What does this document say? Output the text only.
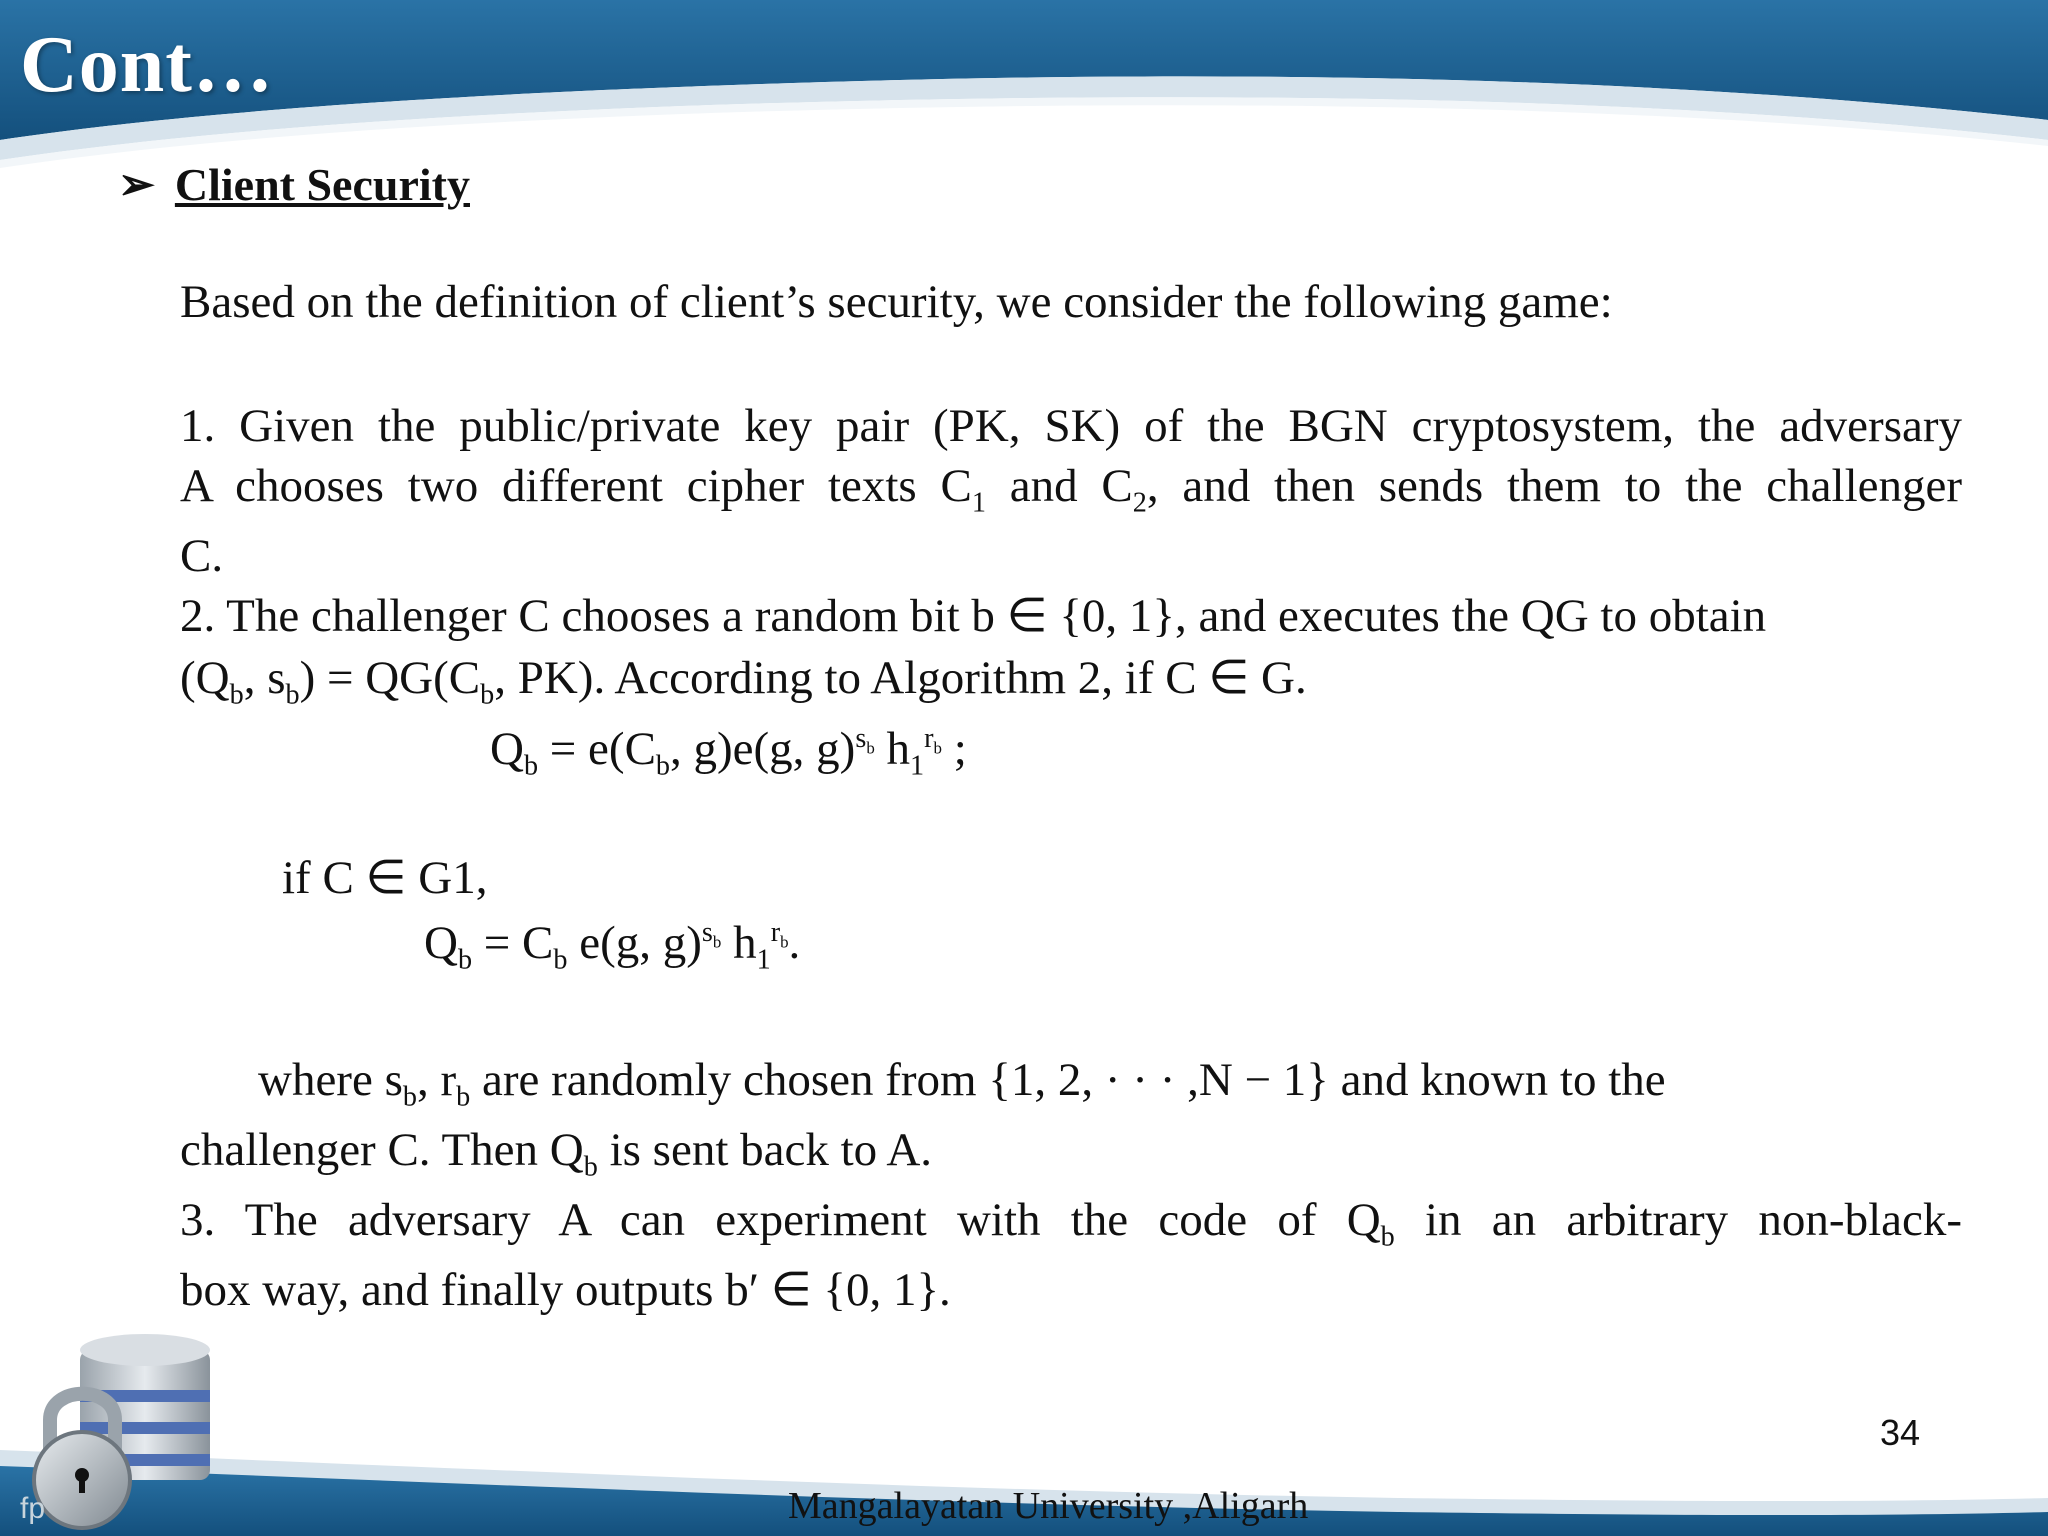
Cont…
➢ Client Security
Based on the definition of client’s security, we consider the following game:
1. Given the public/private key pair (PK, SK) of the BGN cryptosystem, the adversary
A chooses two different cipher texts $C_1$ and $C_2$, and then sends them to the challenger
C.
2. The challenger C chooses a random bit b ∈ {0, 1}, and executes the QG to obtain
($Q_b$, $s_b) = QG(C_b$, PK). According to Algorithm 2, if C ∈ G.
$Q_b = e(C_b$, g)e(g, g)$^{s_b}$ $h_1^{r_b}$ ;
if C ∈ G1,
$Q_b = C_b$ e(g, g)$^{s_b}$ $h_1^{r_b}$.
where $s_b$, $r_b$ are randomly chosen from {1, 2, · · · ,N − 1} and known to the
challenger C. Then $Q_b$ is sent back to A.
3. The adversary A can experiment with the code of $Q_b$ in an arbitrary non-black-
box way, and finally outputs b′ ∈ {0, 1}.
fp
34
Mangalayatan University ,Aligarh
